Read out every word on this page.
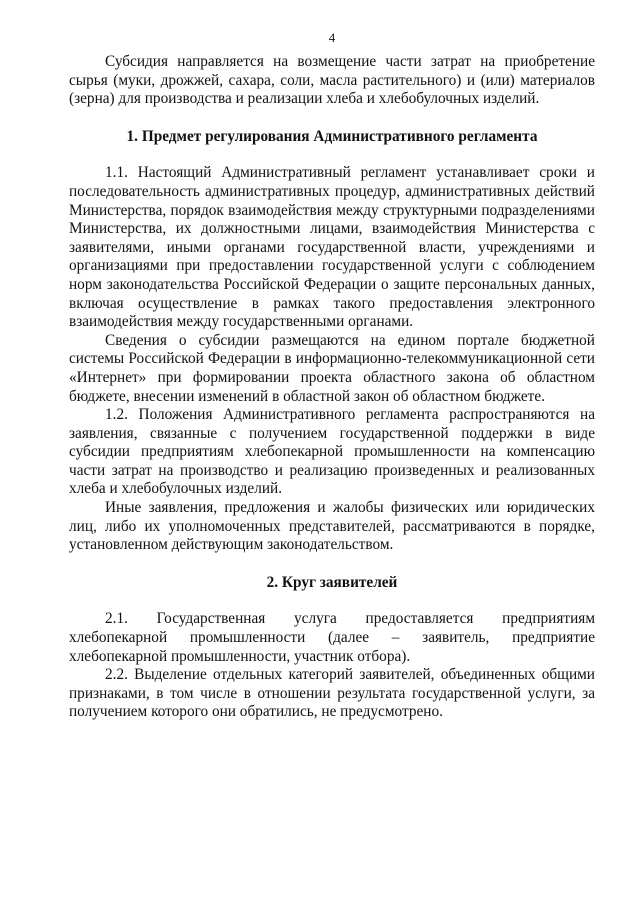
4

Субсидия направляется на возмещение части затрат на приобретение сырья (муки, дрожжей, сахара, соли, масла растительного) и (или) материалов (зерна) для производства и реализации хлеба и хлебобулочных изделий.

1. Предмет регулирования Административного регламента

1.1. Настоящий Административный регламент устанавливает сроки и последовательность административных процедур, административных действий Министерства, порядок взаимодействия между структурными подразделениями Министерства, их должностными лицами, взаимодействия Министерства с заявителями, иными органами государственной власти, учреждениями и организациями при предоставлении государственной услуги с соблюдением норм законодательства Российской Федерации о защите персональных данных, включая осуществление в рамках такого предоставления электронного взаимодействия между государственными органами.

Сведения о субсидии размещаются на едином портале бюджетной системы Российской Федерации в информационно-телекоммуникационной сети «Интернет» при формировании проекта областного закона об областном бюджете, внесении изменений в областной закон об областном бюджете.

1.2. Положения Административного регламента распространяются на заявления, связанные с получением государственной поддержки в виде субсидии предприятиям хлебопекарной промышленности на компенсацию части затрат на производство и реализацию произведенных и реализованных хлеба и хлебобулочных изделий.

Иные заявления, предложения и жалобы физических или юридических лиц, либо их уполномоченных представителей, рассматриваются в порядке, установленном действующим законодательством.

2. Круг заявителей

2.1. Государственная услуга предоставляется предприятиям хлебопекарной промышленности (далее – заявитель, предприятие хлебопекарной промышленности, участник отбора).

2.2. Выделение отдельных категорий заявителей, объединенных общими признаками, в том числе в отношении результата государственной услуги, за получением которого они обратились, не предусмотрено.
